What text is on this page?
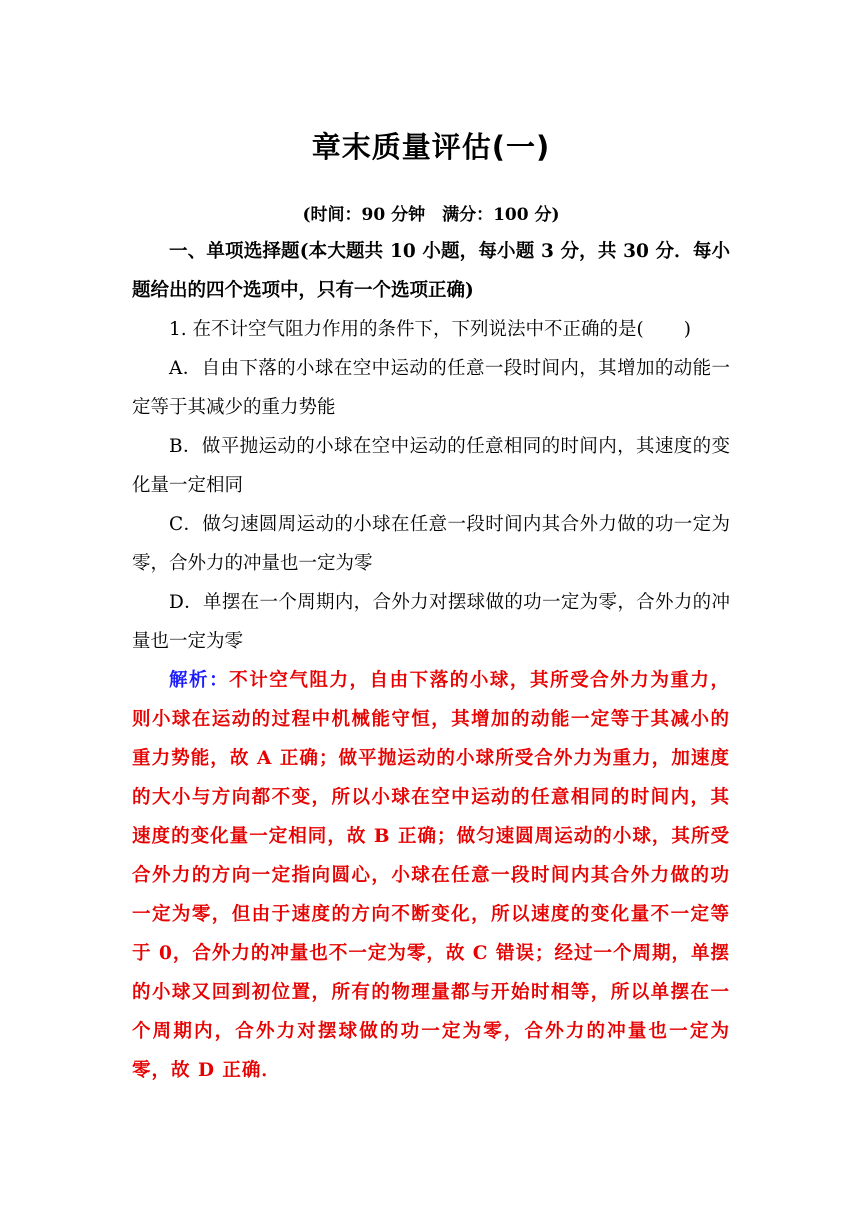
章末质量评估(一)
(时间：90 分钟　满分：100 分)

一、单项选择题(本大题共 10 小题，每小题 3 分，共 30 分．每小题给出的四个选项中，只有一个选项正确)

1. 在不计空气阻力作用的条件下，下列说法中不正确的是( )

A．自由下落的小球在空中运动的任意一段时间内，其增加的动能一定等于其减少的重力势能

B．做平抛运动的小球在空中运动的任意相同的时间内，其速度的变化量一定相同

C．做匀速圆周运动的小球在任意一段时间内其合外力做的功一定为零，合外力的冲量也一定为零

D．单摆在一个周期内，合外力对摆球做的功一定为零，合外力的冲量也一定为零

解析：不计空气阻力，自由下落的小球，其所受合外力为重力，则小球在运动的过程中机械能守恒，其增加的动能一定等于其减小的重力势能，故 A 正确；做平抛运动的小球所受合外力为重力，加速度的大小与方向都不变，所以小球在空中运动的任意相同的时间内，其速度的变化量一定相同，故 B 正确；做匀速圆周运动的小球，其所受合外力的方向一定指向圆心，小球在任意一段时间内其合外力做的功一定为零，但由于速度的方向不断变化，所以速度的变化量不一定等于 0，合外力的冲量也不一定为零，故 C 错误；经过一个周期，单摆的小球又回到初位置，所有的物理量都与开始时相等，所以单摆在一个周期内，合外力对摆球做的功一定为零，合外力的冲量也一定为零，故 D 正确．
